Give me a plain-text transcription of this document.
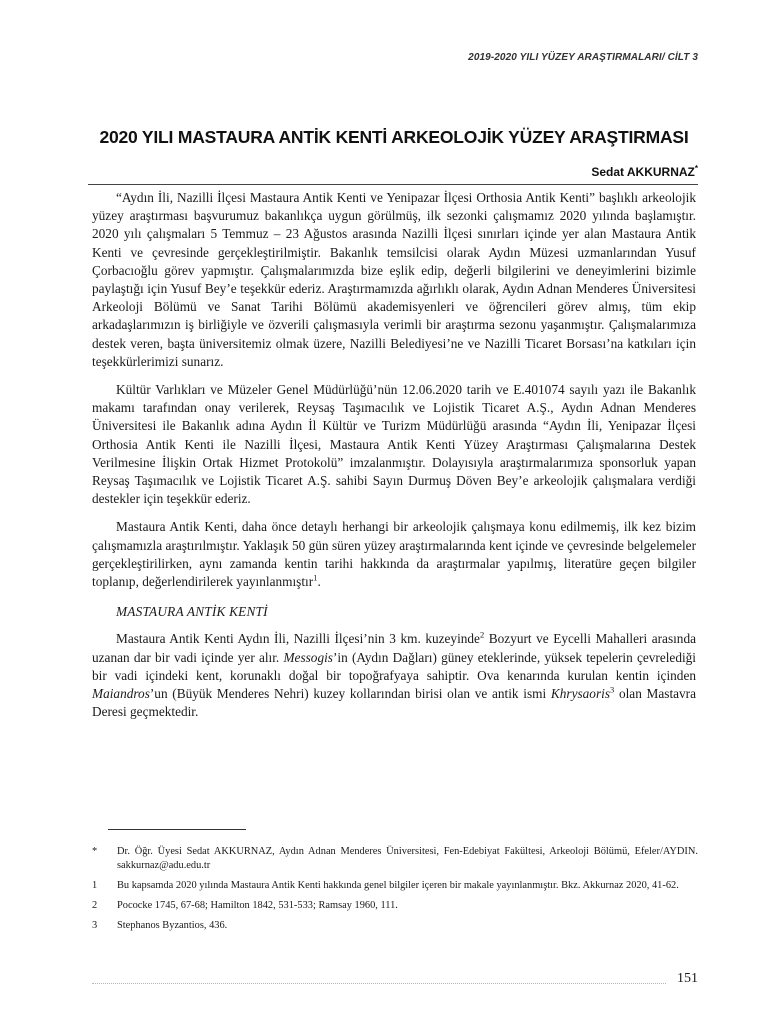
2019-2020 YILI YÜZEY ARAŞTIRMALARI/ CİLT 3
2020 YILI MASTAURA ANTİK KENTİ ARKEOLOJİK YÜZEY ARAŞTIRMASI
Sedat AKKURNAZ*

“Aydın İli, Nazilli İlçesi Mastaura Antik Kenti ve Yenipazar İlçesi Orthosia Antik Kenti” başlıklı arkeolojik yüzey araştırması başvurumuz bakanlıkça uygun görülmüş, ilk sezonki çalışmamız 2020 yılında başlamıştır. 2020 yılı çalışmaları 5 Temmuz – 23 Ağustos arasında Nazilli İlçesi sınırları içinde yer alan Mastaura Antik Kenti ve çevresinde gerçekleştirilmiştir. Bakanlık temsilcisi olarak Aydın Müzesi uzmanlarından Yusuf Çorbacıoğlu görev yapmıştır. Çalışmalarımızda bize eşlik edip, değerli bilgilerini ve deneyimlerini bizimle paylaştığı için Yusuf Bey’e teşekkür ederiz. Araştırmamızda ağırlıklı olarak, Aydın Adnan Menderes Üniversitesi Arkeoloji Bölümü ve Sanat Tarihi Bölümü akademisyenleri ve öğrencileri görev almış, tüm ekip arkadaşlarımızın iş birliğiyle ve özverili çalışmasıyla verimli bir araştırma sezonu yaşanmıştır. Çalışmalarımıza destek veren, başta üniversitemiz olmak üzere, Nazilli Belediyesi’ne ve Nazilli Ticaret Borsası’na katkıları için teşekkürlerimizi sunarız.

Kültür Varlıkları ve Müzeler Genel Müdürlüğü’nün 12.06.2020 tarih ve E.401074 sayılı yazı ile Bakanlık makamı tarafından onay verilerek, Reysaş Taşımacılık ve Lojistik Ticaret A.Ş., Aydın Adnan Menderes Üniversitesi ile Bakanlık adına Aydın İl Kültür ve Turizm Müdürlüğü arasında “Aydın İli, Yenipazar İlçesi Orthosia Antik Kenti ile Nazilli İlçesi, Mastaura Antik Kenti Yüzey Araştırması Çalışmalarına Destek Verilmesine İlişkin Ortak Hizmet Protokolü” imzalanmıştır. Dolayısıyla araştırmalarımıza sponsorluk yapan Reysaş Taşımacılık ve Lojistik Ticaret A.Ş. sahibi Sayın Durmuş Döven Bey’e arkeolojik çalışmalara verdiği destekler için teşekkür ederiz.

Mastaura Antik Kenti, daha önce detaylı herhangi bir arkeolojik çalışmaya konu edilmemiş, ilk kez bizim çalışmamızla araştırılmıştır. Yaklaşık 50 gün süren yüzey araştırmalarında kent içinde ve çevresinde belgelemeler gerçekleştirilirken, aynı zamanda kentin tarihi hakkında da araştırmalar yapılmış, literatüre geçen bilgiler toplanıp, değerlendirilerek yayınlanmıştır$^1$.

MASTAURA ANTİK KENTİ

Mastaura Antik Kenti Aydın İli, Nazilli İlçesi’nin 3 km. kuzeyinde$^2$ Bozyurt ve Eycelli Mahalleri arasında uzanan dar bir vadi içinde yer alır. Messogis’in (Aydın Dağları) güney eteklerinde, yüksek tepelerin çevrelediği bir vadi içindeki kent, korunaklı doğal bir topoğrafyaya sahiptir. Ova kenarında kurulan kentin içinden Maiandros’un (Büyük Menderes Nehri) kuzey kollarından birisi olan ve antik ismi Khrysaoris$^3$ olan Mastavra Deresi geçmektedir.

* Dr. Öğr. Üyesi Sedat AKKURNAZ, Aydın Adnan Menderes Üniversitesi, Fen-Edebiyat Fakültesi, Arkeoloji Bölümü, Efeler/AYDIN. sakkurnaz@adu.edu.tr
1 Bu kapsamda 2020 yılında Mastaura Antik Kenti hakkında genel bilgiler içeren bir makale yayınlanmıştır. Bkz. Akkurnaz 2020, 41-62.
2 Pococke 1745, 67-68; Hamilton 1842, 531-533; Ramsay 1960, 111.
3 Stephanos Byzantios, 436.
151
